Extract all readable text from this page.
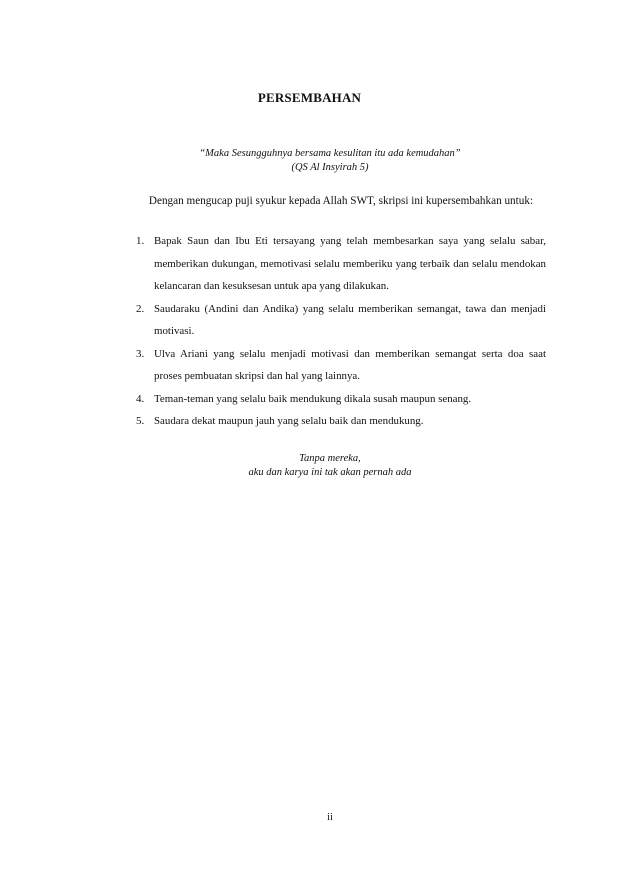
PERSEMBAHAN
“Maka Sesungguhnya bersama kesulitan itu ada kemudahan”
(QS Al Insyirah 5)
Dengan mengucap puji syukur kepada Allah SWT, skripsi ini kupersembahkan untuk:
1. Bapak Saun dan Ibu Eti tersayang yang telah membesarkan saya yang selalu sabar, memberikan dukungan, memotivasi selalu memberiku yang terbaik dan selalu mendokan kelancaran dan kesuksesan untuk apa yang dilakukan.
2. Saudaraku (Andini dan Andika) yang selalu memberikan semangat, tawa dan menjadi motivasi.
3. Ulva Ariani yang selalu menjadi motivasi dan memberikan semangat serta doa saat proses pembuatan skripsi dan hal yang lainnya.
4. Teman-teman yang selalu baik mendukung dikala susah maupun senang.
5. Saudara dekat maupun jauh yang selalu baik dan mendukung.
Tanpa mereka,
aku dan karya ini tak akan pernah ada
ii
